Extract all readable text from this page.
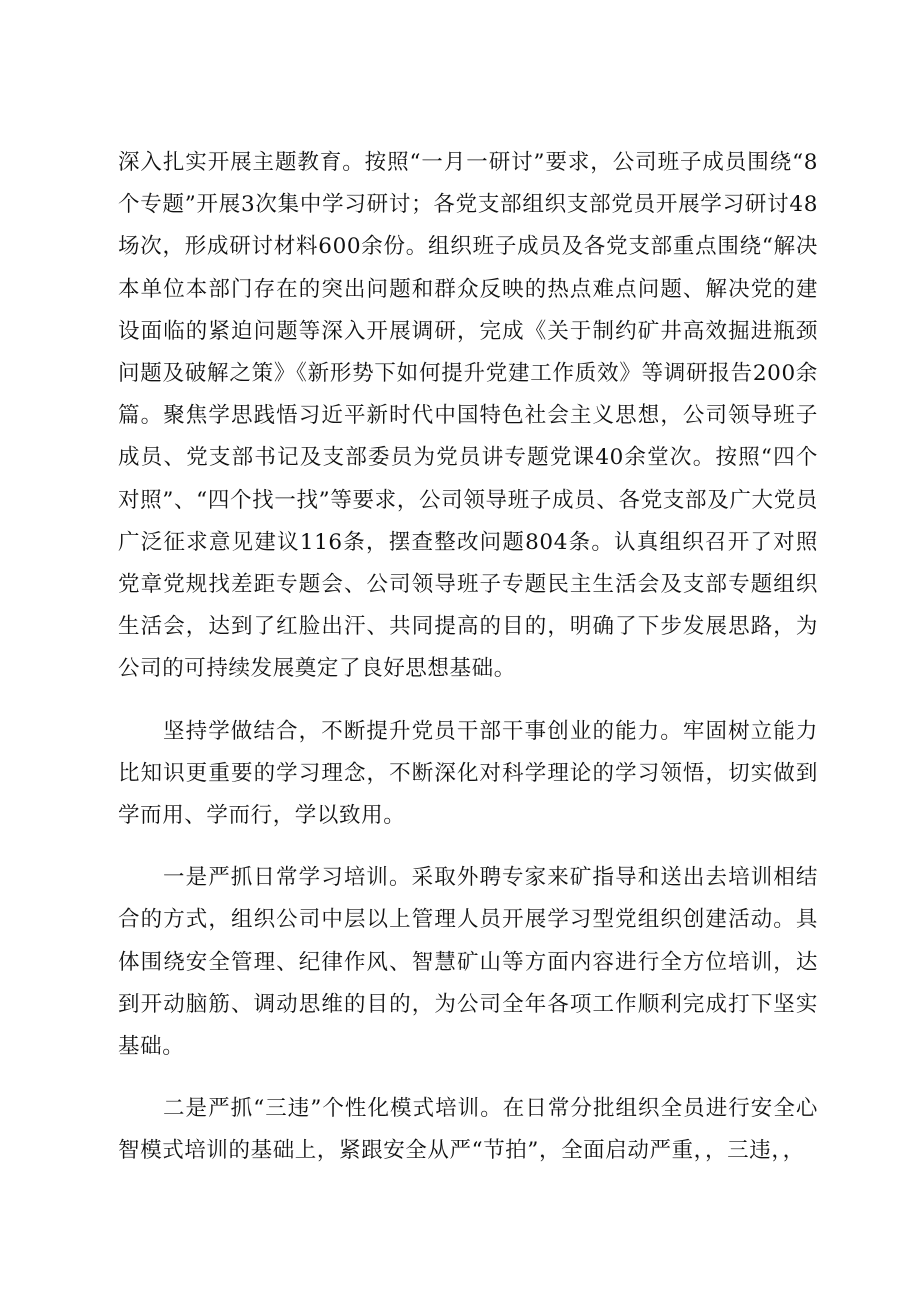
深入扎实开展主题教育。按照“一月一研讨”要求，公司班子成员围绕“8个专题”开展3次集中学习研讨；各党支部组织支部党员开展学习研讨48场次，形成研讨材料600余份。组织班子成员及各党支部重点围绕“解决本单位本部门存在的突出问题和群众反映的热点难点问题、解决党的建设面临的紧迫问题等深入开展调研，完成《关于制约矿井高效掘进瓶颈问题及破解之策》《新形势下如何提升党建工作质效》等调研报告200余篇。聚焦学思践悟习近平新时代中国特色社会主义思想，公司领导班子成员、党支部书记及支部委员为党员讲专题党课40余堂次。按照“四个对照”、“四个找一找”等要求，公司领导班子成员、各党支部及广大党员广泛征求意见建议116条，摆查整改问题804条。认真组织召开了对照党章党规找差距专题会、公司领导班子专题民主生活会及支部专题组织生活会，达到了红脸出汗、共同提高的目的，明确了下步发展思路，为公司的可持续发展奠定了良好思想基础。

坚持学做结合，不断提升党员干部干事创业的能力。牢固树立能力比知识更重要的学习理念，不断深化对科学理论的学习领悟，切实做到学而用、学而行，学以致用。

一是严抓日常学习培训。采取外聘专家来矿指导和送出去培训相结合的方式，组织公司中层以上管理人员开展学习型党组织创建活动。具体围绕安全管理、纪律作风、智慧矿山等方面内容进行全方位培训，达到开动脑筋、调动思维的目的，为公司全年各项工作顺利完成打下坚实基础。

二是严抓“三违”个性化模式培训。在日常分批组织全员进行安全心智模式培训的基础上，紧跟安全从严“节拍”，全面启动严重，，三违，，
